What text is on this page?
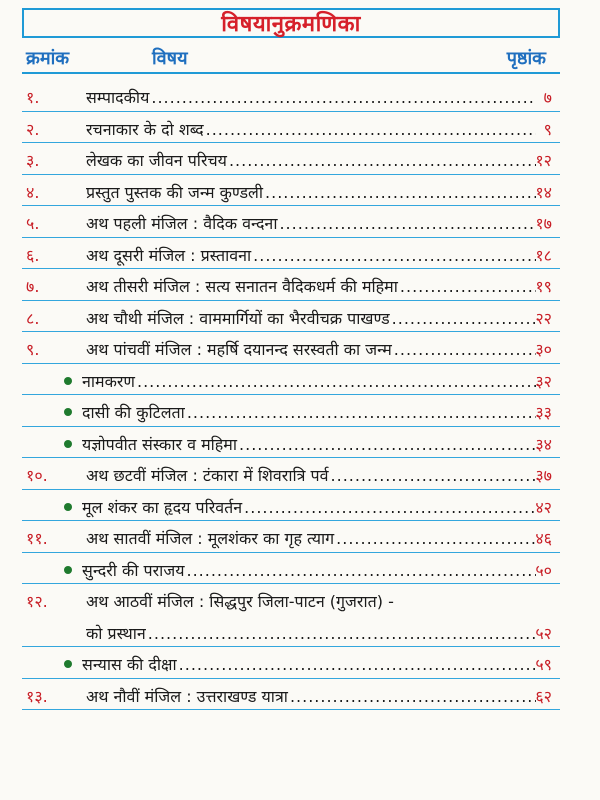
विषयानुक्रमणिका
क्रमांक	विषय	पृष्ठांक
१.	सम्पादकीय .....	७
२.	रचनाकार के दो शब्द .....	९
३.	लेखक का जीवन परिचय .....	१२
४.	प्रस्तुत पुस्तक की जन्म कुण्डली .....	१४
५.	अथ पहली मंजिल : वैदिक वन्दना .....	१७
६.	अथ दूसरी मंजिल : प्रस्तावना .....	१८
७.	अथ तीसरी मंजिल : सत्य सनातन वैदिकधर्म की महिमा .....	१९
८.	अथ चौथी मंजिल : वाममार्गियों का भैरवीचक्र पाखण्ड .....	२२
९.	अथ पांचवीं मंजिल : महर्षि दयानन्द सरस्वती का जन्म .....	३०
नामकरण .....	३२
दासी की कुटिलता .....	३३
यज्ञोपवीत संस्कार व महिमा .....	३४
१०. अथ छटवीं मंजिल : टंकारा में शिवरात्रि पर्व .....	३७
मूल शंकर का हृदय परिवर्तन .....	४२
११. अथ सातवीं मंजिल : मूलशंकर का गृह त्याग .....	४६
सुन्दरी की पराजय .....	५०
१२. अथ आठवीं मंजिल : सिद्धपुर जिला-पाटन (गुजरात) -
को प्रस्थान .....	५२
सन्यास की दीक्षा .....	५९
१३. अथ नौवीं मंजिल : उत्तराखण्ड यात्रा .....	६२
